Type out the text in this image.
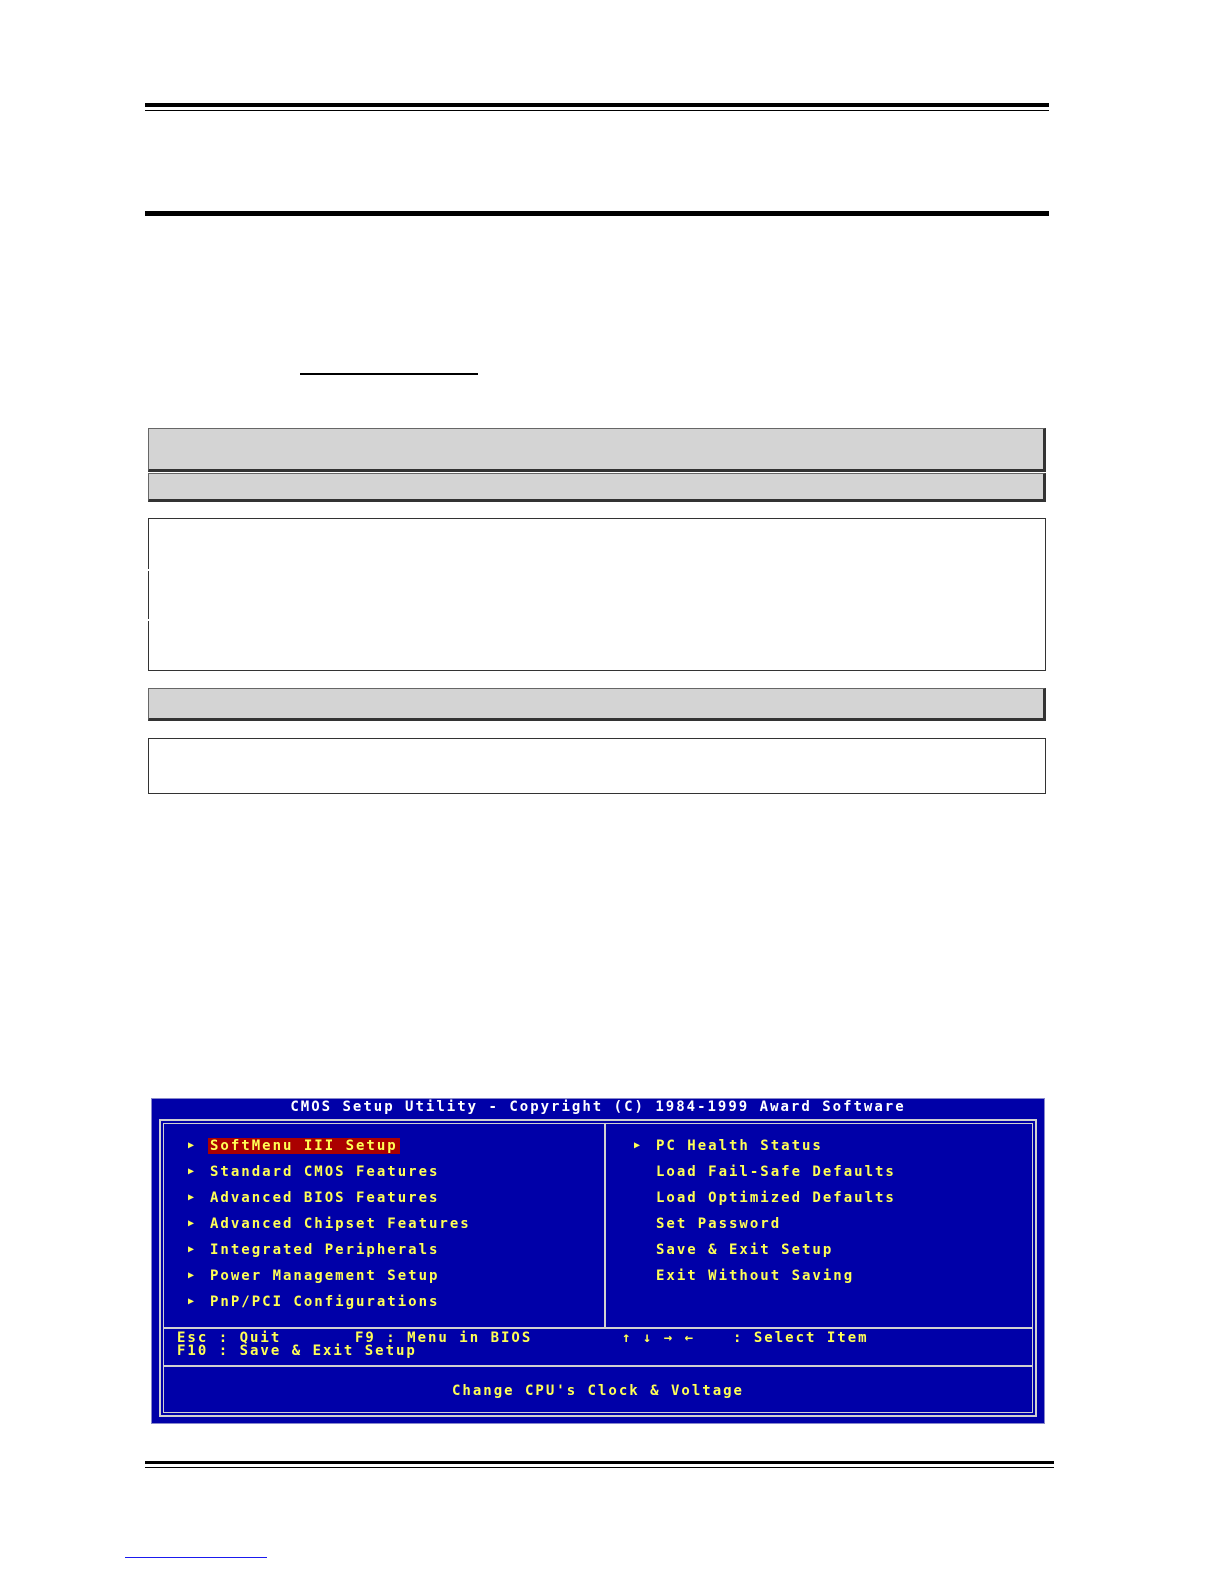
CMOS Setup Utility - Copyright (C) 1984-1999 Award Software
▶ SoftMenu III Setup
▶ Standard CMOS Features
▶ Advanced BIOS Features
▶ Advanced Chipset Features
▶ Integrated Peripherals
▶ Power Management Setup
▶ PnP/PCI Configurations
▶ PC Health Status
Load Fail-Safe Defaults
Load Optimized Defaults
Set Password
Save & Exit Setup
Exit Without Saving

Esc : Quit

	F9 : Menu in BIOS

	↑ ↓ → ←

	: Select Item

F10 : Save & Exit Setup

Change CPU's Clock & Voltage
